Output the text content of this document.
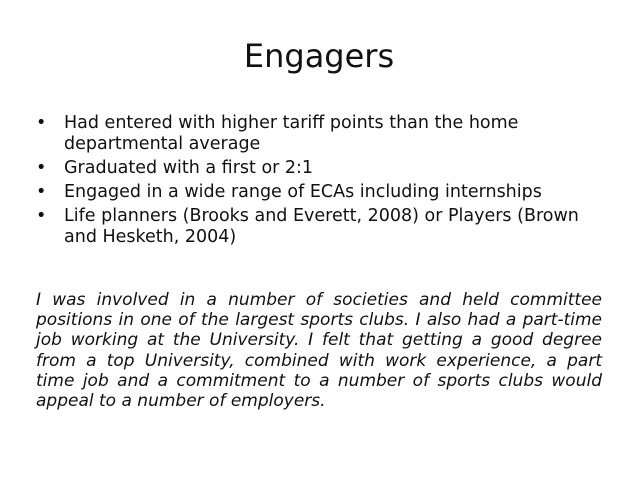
Engagers
•	Had entered with higher tariff points than the home departmental average
•	Graduated with a first or 2:1
•	Engaged in a wide range of ECAs including internships
•	Life planners (Brooks and Everett, 2008) or Players (Brown and Hesketh, 2004)

I was involved in a number of societies and held committee positions in one of the largest sports clubs. I also had a part-time job working at the University. I felt that getting a good degree from a top University, combined with work experience, a part time job and a commitment to a number of sports clubs would appeal to a number of employers.
